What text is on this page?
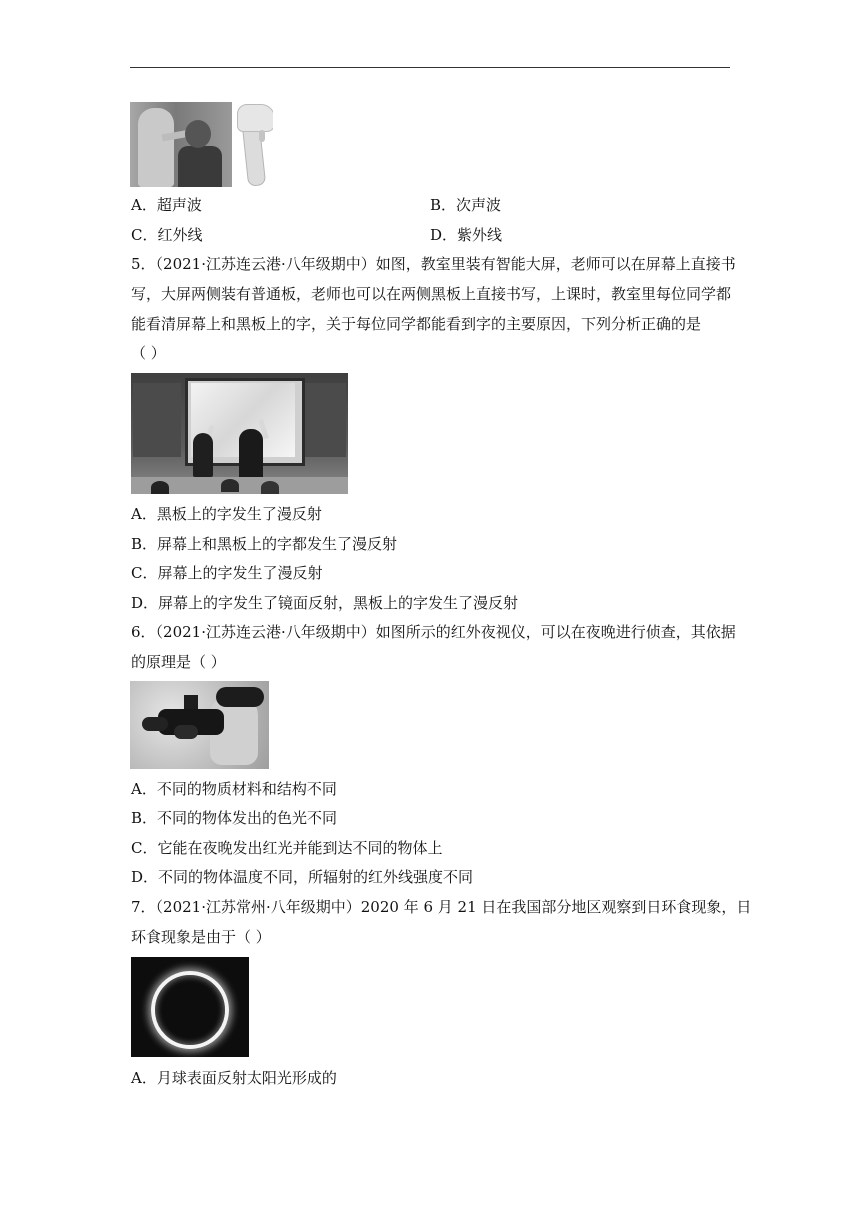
A．超声波	B．次声波
C．红外线	D．紫外线
5．（2021·江苏连云港·八年级期中）如图，教室里装有智能大屏，老师可以在屏幕上直接书
写，大屏两侧装有普通板，老师也可以在两侧黑板上直接书写，上课时，教室里每位同学都
能看清屏幕上和黑板上的字，关于每位同学都能看到字的主要原因，下列分析正确的是
（ ）
A．黑板上的字发生了漫反射
B．屏幕上和黑板上的字都发生了漫反射
C．屏幕上的字发生了漫反射
D．屏幕上的字发生了镜面反射，黑板上的字发生了漫反射
6．（2021·江苏连云港·八年级期中）如图所示的红外夜视仪，可以在夜晚进行侦查，其依据
的原理是（ ）
A．不同的物质材料和结构不同
B．不同的物体发出的色光不同
C．它能在夜晚发出红光并能到达不同的物体上
D．不同的物体温度不同，所辐射的红外线强度不同
7．（2021·江苏常州·八年级期中）2020 年 6 月 21 日在我国部分地区观察到日环食现象，日
环食现象是由于（ ）
A．月球表面反射太阳光形成的
